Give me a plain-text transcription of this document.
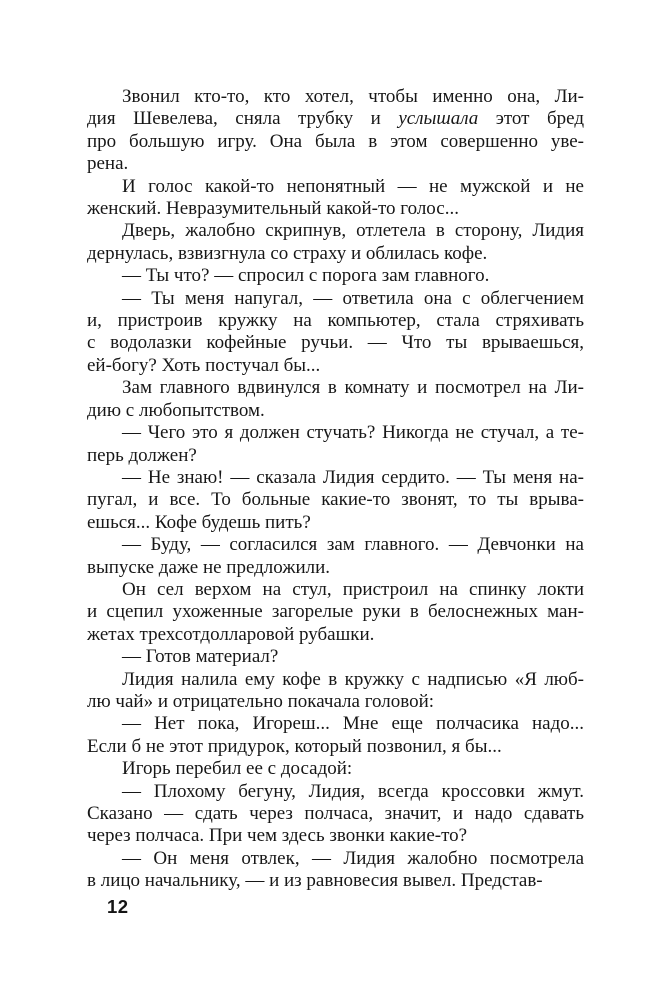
Звонил кто-то, кто хотел, чтобы именно она, Ли-
дия Шевелева, сняла трубку и услышала этот бред
про большую игру. Она была в этом совершенно уве-
рена.
И голос какой-то непонятный — не мужской и не
женский. Невразумительный какой-то голос...
Дверь, жалобно скрипнув, отлетела в сторону, Лидия
дернулась, взвизгнула со страху и облилась кофе.
— Ты что? — спросил с порога зам главного.
— Ты меня напугал, — ответила она с облегчением
и, пристроив кружку на компьютер, стала стряхивать
с водолазки кофейные ручьи. — Что ты врываешься,
ей-богу? Хоть постучал бы...
Зам главного вдвинулся в комнату и посмотрел на Ли-
дию с любопытством.
— Чего это я должен стучать? Никогда не стучал, а те-
перь должен?
— Не знаю! — сказала Лидия сердито. — Ты меня на-
пугал, и все. То больные какие-то звонят, то ты врыва-
ешься... Кофе будешь пить?
— Буду, — согласился зам главного. — Девчонки на
выпуске даже не предложили.
Он сел верхом на стул, пристроил на спинку локти
и сцепил ухоженные загорелые руки в белоснежных ман-
жетах трехсотдолларовой рубашки.
— Готов материал?
Лидия налила ему кофе в кружку с надписью «Я люб-
лю чай» и отрицательно покачала головой:
— Нет пока, Игореш... Мне еще полчасика надо...
Если б не этот придурок, который позвонил, я бы...
Игорь перебил ее с досадой:
— Плохому бегуну, Лидия, всегда кроссовки жмут.
Сказано — сдать через полчаса, значит, и надо сдавать
через полчаса. При чем здесь звонки какие-то?
— Он меня отвлек, — Лидия жалобно посмотрела
в лицо начальнику, — и из равновесия вывел. Представ-
12
